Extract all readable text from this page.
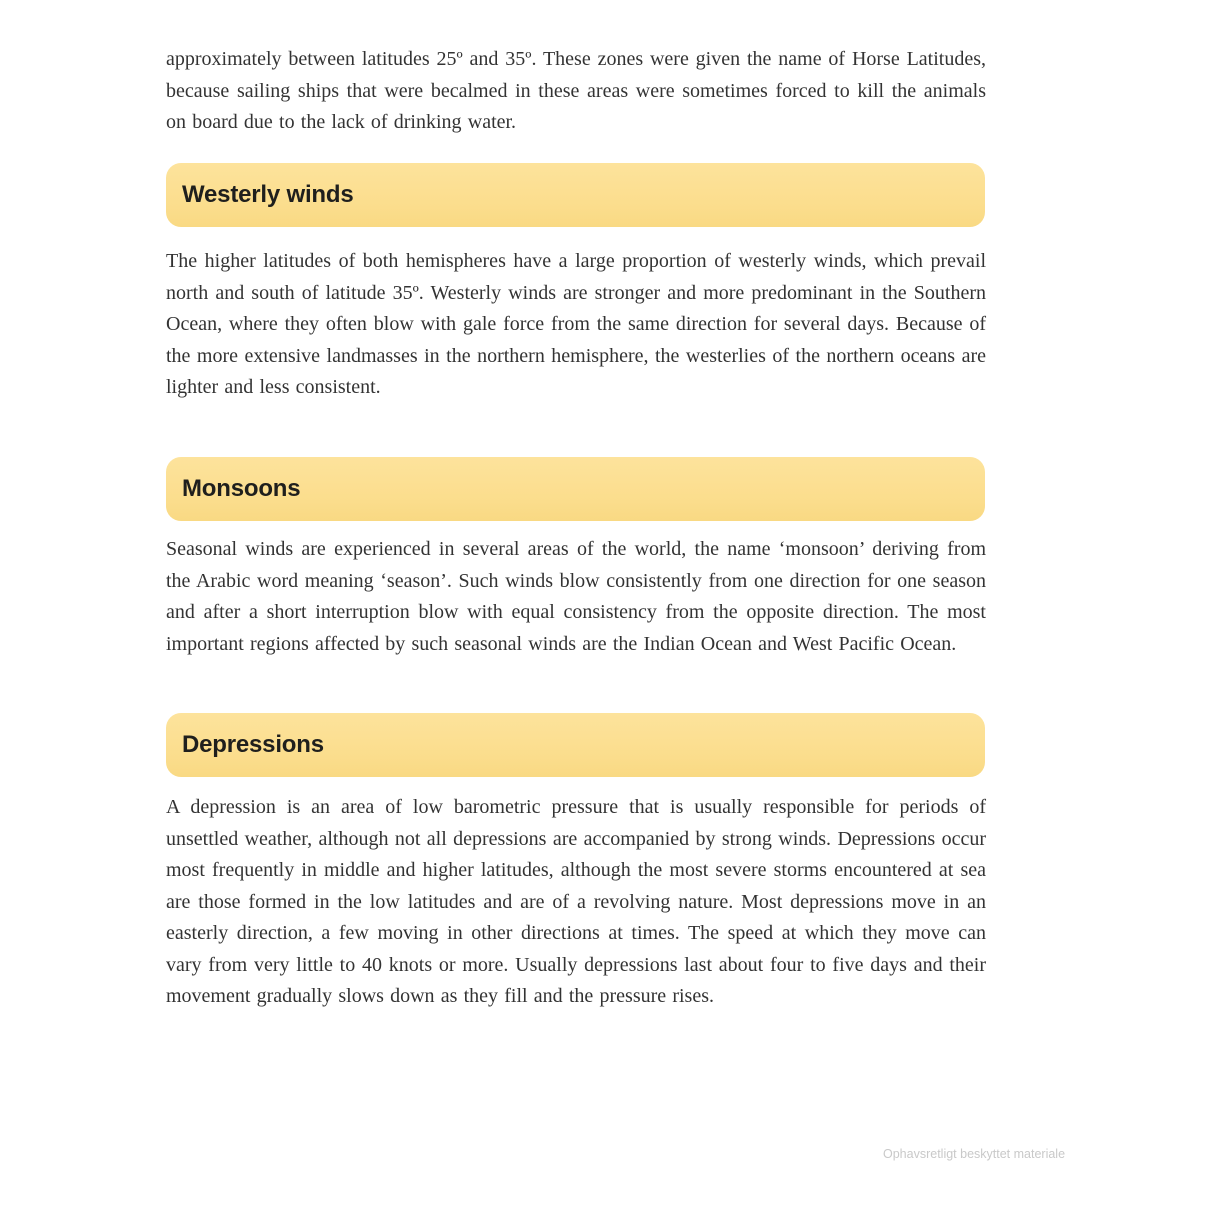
approximately between latitudes 25º and 35º. These zones were given the name of Horse Latitudes, because sailing ships that were becalmed in these areas were sometimes forced to kill the animals on board due to the lack of drinking water.

Westerly winds

The higher latitudes of both hemispheres have a large proportion of westerly winds, which prevail north and south of latitude 35º. Westerly winds are stronger and more predominant in the Southern Ocean, where they often blow with gale force from the same direction for several days. Because of the more extensive landmasses in the northern hemisphere, the westerlies of the northern oceans are lighter and less consistent.

Monsoons

Seasonal winds are experienced in several areas of the world, the name ‘monsoon’ deriving from the Arabic word meaning ‘season’. Such winds blow consistently from one direction for one season and after a short interruption blow with equal consistency from the opposite direction. The most important regions affected by such seasonal winds are the Indian Ocean and West Pacific Ocean.

Depressions

A depression is an area of low barometric pressure that is usually responsible for periods of unsettled weather, although not all depressions are accompanied by strong winds. Depressions occur most frequently in middle and higher latitudes, although the most severe storms encountered at sea are those formed in the low latitudes and are of a revolving nature. Most depressions move in an easterly direction, a few moving in other directions at times. The speed at which they move can vary from very little to 40 knots or more. Usually depressions last about four to five days and their movement gradually slows down as they fill and the pressure rises.

Ophavsretligt beskyttet materiale
